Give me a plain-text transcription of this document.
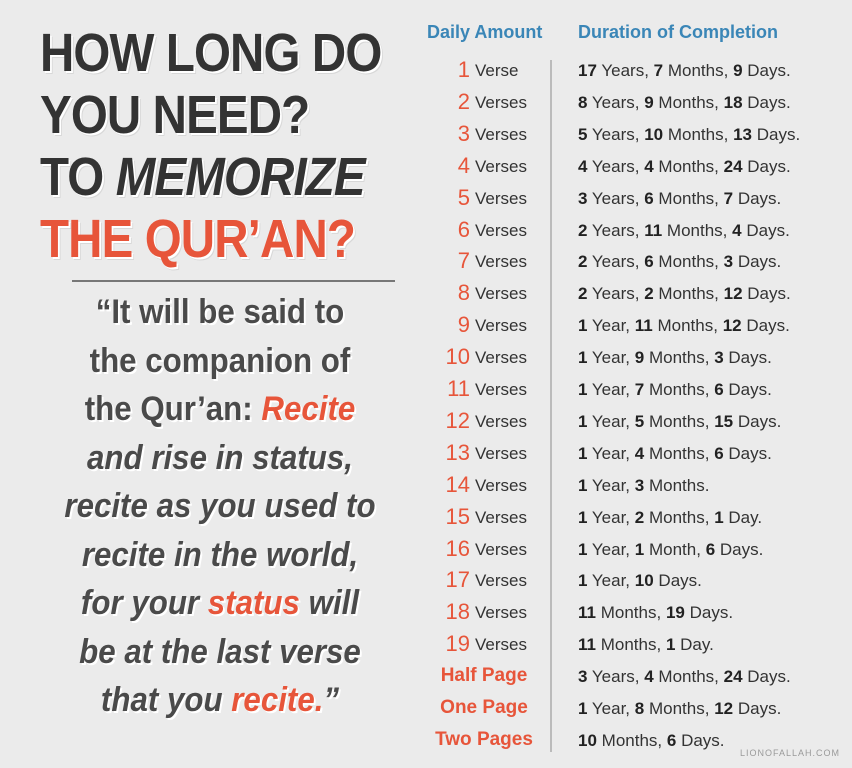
HOW LONG DO
YOU NEED?
TO MEMORIZE
THE QUR’AN?
“It will be said to
the companion of
the Qur’an: Recite
and rise in status,
recite as you used to
recite in the world,
for your status will
be at the last verse
that you recite.”
Daily Amount Duration of Completion
1 Verse	17 Years, 7 Months, 9 Days.
2 Verses	8 Years, 9 Months, 18 Days.
3 Verses	5 Years, 10 Months, 13 Days.
4 Verses	4 Years, 4 Months, 24 Days.
5 Verses	3 Years, 6 Months, 7 Days.
6 Verses	2 Years, 11 Months, 4 Days.
7 Verses	2 Years, 6 Months, 3 Days.
8 Verses	2 Years, 2 Months, 12 Days.
9 Verses	1 Year, 11 Months, 12 Days.
10 Verses	1 Year, 9 Months, 3 Days.
11 Verses	1 Year, 7 Months, 6 Days.
12 Verses	1 Year, 5 Months, 15 Days.
13 Verses	1 Year, 4 Months, 6 Days.
14 Verses	1 Year, 3 Months.
15 Verses	1 Year, 2 Months, 1 Day.
16 Verses	1 Year, 1 Month, 6 Days.
17 Verses	1 Year, 10 Days.
18 Verses	11 Months, 19 Days.
19 Verses	11 Months, 1 Day.
Half Page	3 Years, 4 Months, 24 Days.
One Page	1 Year, 8 Months, 12 Days.
Two Pages	10 Months, 6 Days.
LIONOFALLAH.COM
